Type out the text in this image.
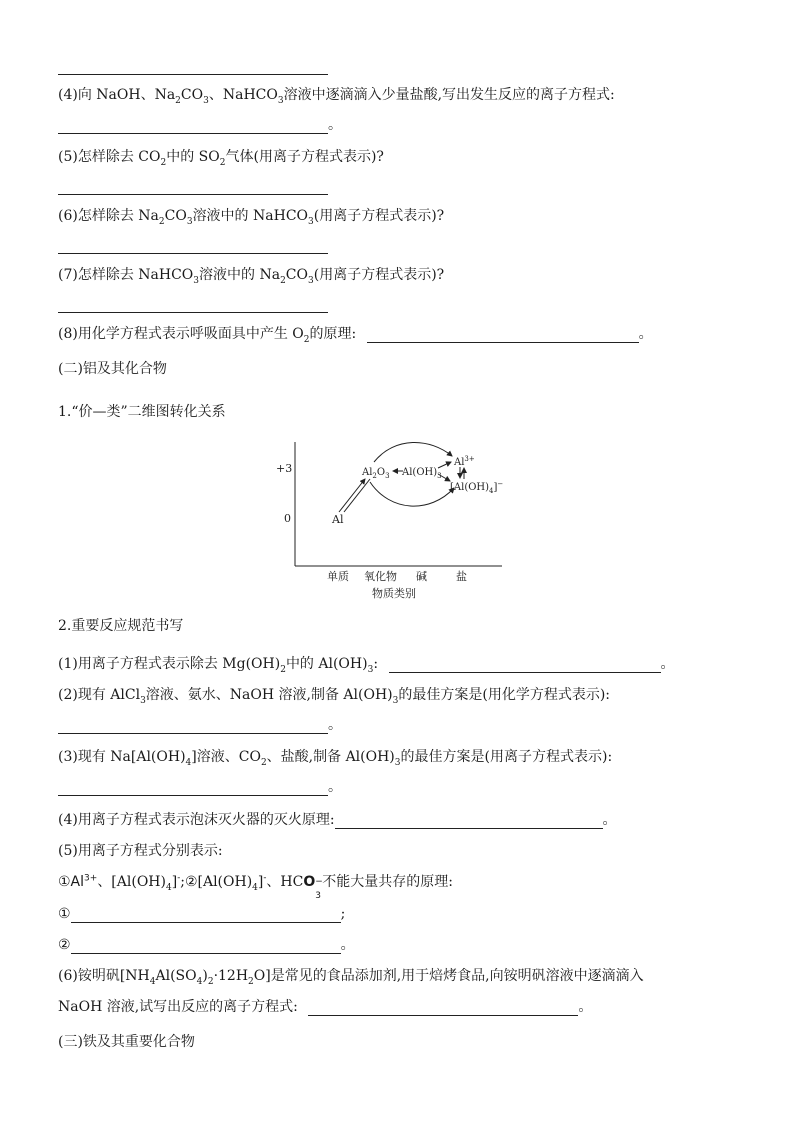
(4)向 NaOH、$Na_2CO_3$、NaHCO$_3$溶液中逐滴滴入少量盐酸,写出发生反应的离子方程式:
。
(5)怎样除去 $CO_2$中的 $SO_2$气体(用离子方程式表示)?
(6)怎样除去 $Na_2CO_3$溶液中的 NaHCO$_3$(用离子方程式表示)?
(7)怎样除去 NaHCO$_3$溶液中的 $Na_2CO_3$(用离子方程式表示)?
(8)用化学方程式表示呼吸面具中产生 $O_2$的原理:	。
(二)铝及其化合物
1.“价—类”二维图转化关系
+3
0
单质 氧化物 碱	盐
物质类别
Al
$Al_2O_3$ $Al(OH)_3$
$Al^{3+}$
$[Al(OH)_4]^-$
2.重要反应规范书写
(1)用离子方程式表示除去 $Mg(OH)_2$中的 $Al(OH)_3$:	。
(2)现有 AlCl$_3$溶液、氨水、NaOH 溶液,制备 $Al(OH)_3$的最佳方案是(用化学方程式表示):
。
(3)现有 $Na[Al(OH)_4]$溶液、$CO_2$、盐酸,制备 $Al(OH)_3$的最佳方案是(用离子方程式表示):
。
(4)用离子方程式表示泡沫灭火器的灭火原理:	。
(5)用离子方程式分别表示:
$①Al^{3+}$、$[Al(OH)_4]^-;②[Al(OH)_4]^-$、HCO −
3
不能大量共存的原理:
①	;
②	。
(6)铵明矾$[NH_4Al(SO_4)_2\cdot 12H_2O]$是常见的食品添加剂,用于焙烤食品,向铵明矾溶液中逐滴滴入
NaOH 溶液,试写出反应的离子方程式:	。
(三)铁及其重要化合物
